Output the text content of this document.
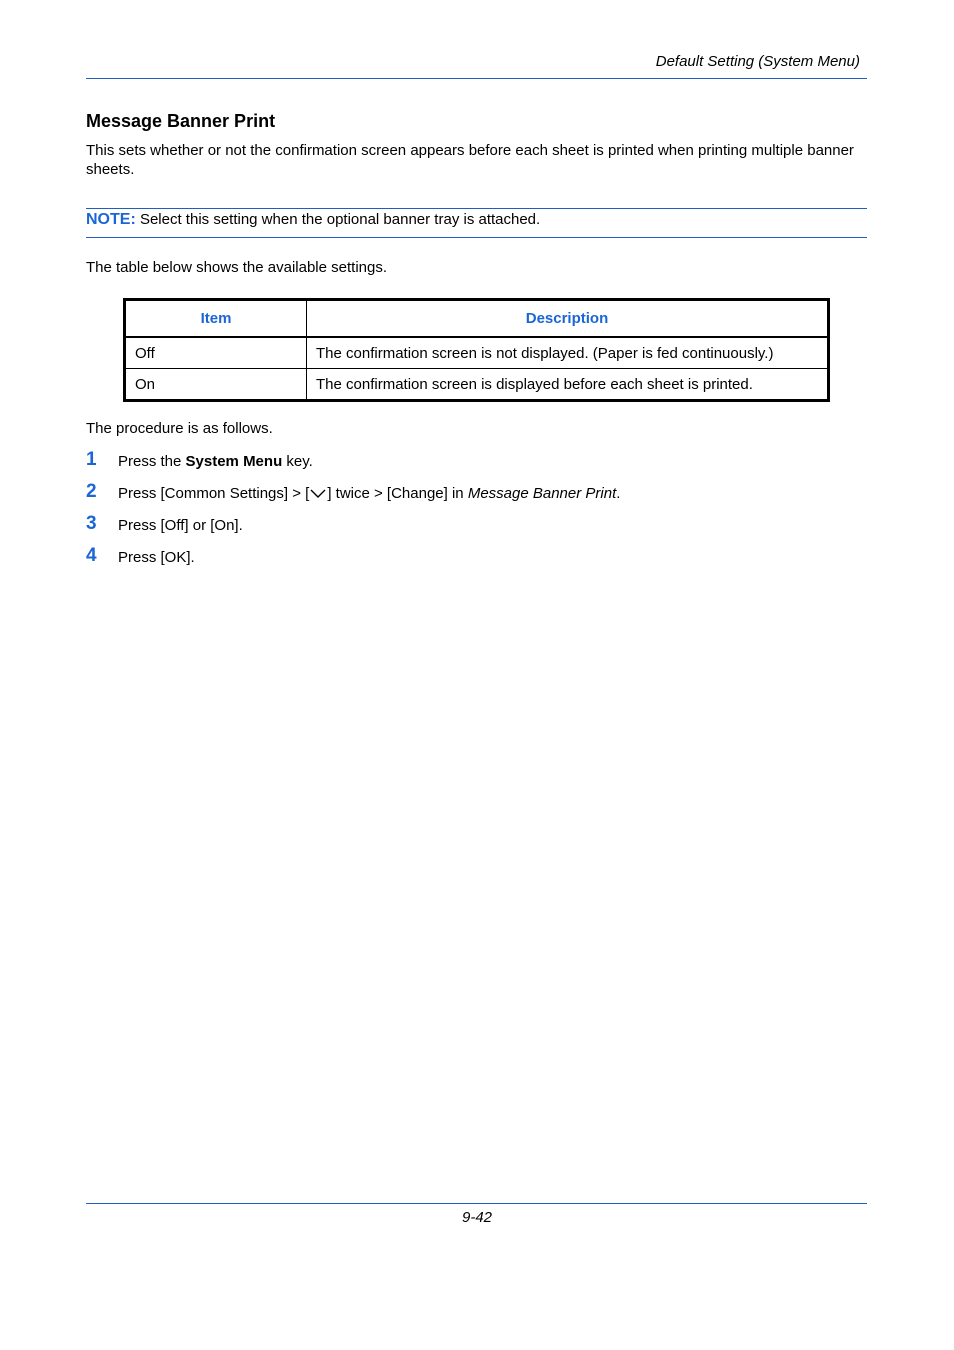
Default Setting (System Menu)
Message Banner Print
This sets whether or not the confirmation screen appears before each sheet is printed when printing multiple banner sheets.
NOTE: Select this setting when the optional banner tray is attached.
The table below shows the available settings.
Item	Description
Off	The confirmation screen is not displayed. (Paper is fed continuously.)
On	The confirmation screen is displayed before each sheet is printed.
The procedure is as follows.
1 Press the System Menu key.
2 Press [Common Settings] > [ ] twice > [Change] in Message Banner Print.
3 Press [Off] or [On].
4 Press [OK].
9-42
